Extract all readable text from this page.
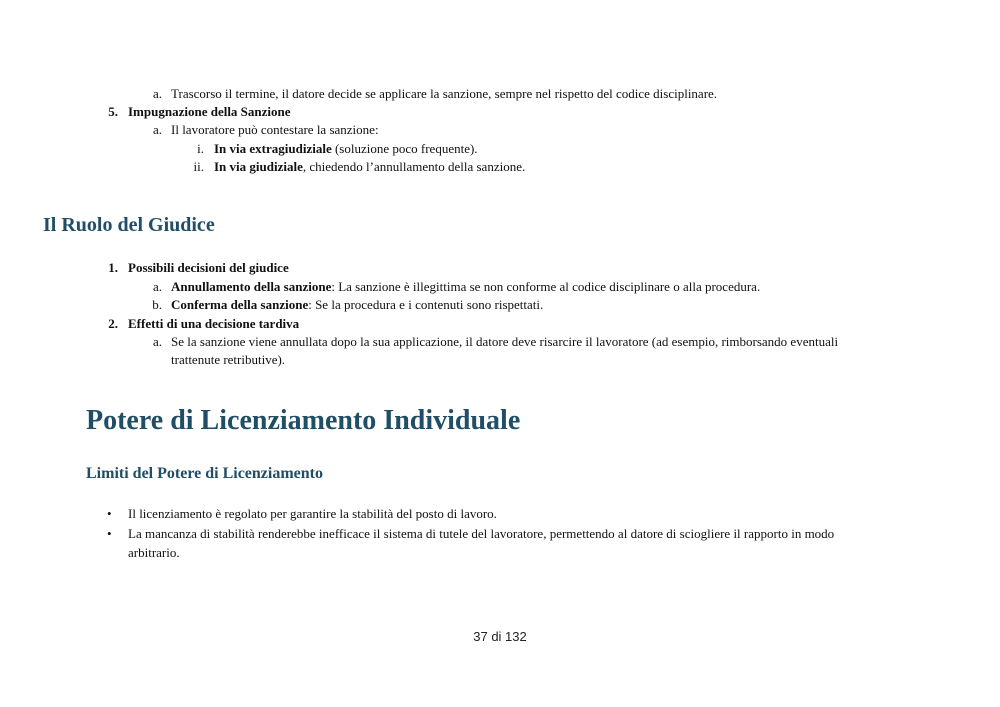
a. Trascorso il termine, il datore decide se applicare la sanzione, sempre nel rispetto del codice disciplinare.
5. Impugnazione della Sanzione
a. Il lavoratore può contestare la sanzione:
i. In via extragiudiziale (soluzione poco frequente).
ii. In via giudiziale, chiedendo l’annullamento della sanzione.
Il Ruolo del Giudice
1. Possibili decisioni del giudice
a. Annullamento della sanzione: La sanzione è illegittima se non conforme al codice disciplinare o alla procedura.
b. Conferma della sanzione: Se la procedura e i contenuti sono rispettati.
2. Effetti di una decisione tardiva
a. Se la sanzione viene annullata dopo la sua applicazione, il datore deve risarcire il lavoratore (ad esempio, rimborsando eventuali
trattenute retributive).
Potere di Licenziamento Individuale
Limiti del Potere di Licenziamento
• Il licenziamento è regolato per garantire la stabilità del posto di lavoro.
• La mancanza di stabilità renderebbe inefficace il sistema di tutele del lavoratore, permettendo al datore di sciogliere il rapporto in modo
arbitrario.
37 di 132
